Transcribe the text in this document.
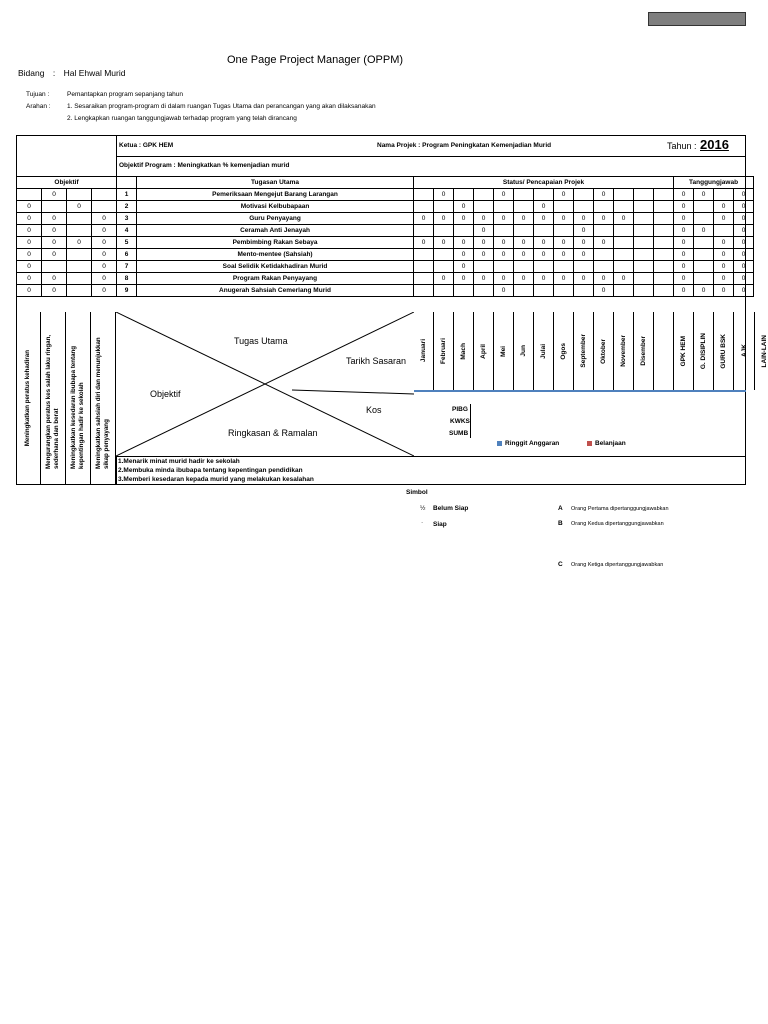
One Page Project Manager (OPPM)
Bidang : Hal Ehwal Murid
Tujuan :	Pemantapkan program sepanjang tahun
Arahan :	1. Sesaraikan program-program di dalam ruangan Tugas Utama dan perancangan yang akan dilaksanakan
2. Lengkapkan ruangan tanggungjawab terhadap program yang telah dirancang
Ketua : GPK HEM	Nama Projek : Program Peningkatan Kemenjadian Murid	Tahun : 2016
Objektif Program : Meningkatkan % kemenjadian murid
Objektif					Tugasan Utama	Status/ Pencapaian Projek													Tanggungjawab			
	0			1	Pemeriksaan Mengejut Barang Larangan		0			0			0		0				0	0		0
0		0		2	Motivasi Kelbubapaan			0				0							0		0	0
0	0		0	3	Guru Penyayang	0	0	0	0	0	0	0	0	0	0	0			0		0	0
0	0		0	4	Ceramah Anti Jenayah				0					0					0	0		0
0	0	0	0	5	Pembimbing Rakan Sebaya	0	0	0	0	0	0	0	0	0	0				0		0	0
0	0		0	6	Mento-mentee (Sahsiah)			0	0	0	0	0	0	0					0		0	0
0			0	7	Soal Selidik Ketidakhadiran Murid			0											0		0	0
0	0		0	8	Program Rakan Penyayang		0	0	0	0	0	0	0	0	0	0			0		0	0
0	0		0	9	Anugerah Sahsiah Cemerlang Murid					0					0				0	0	0	0
Meningkatkan peratus kehadiran Mengurangkan peratus kes salah laku ringan, sederhana dan berat Meningkatkan kesedaran ibubapa tentang kepentingan hadir ke sekolah Meningkatkan sahsiah diri dan menunjukkan sikap penyayang
Tugas Utama
Tarikh Sasaran
Objektif
Kos
Ringkasan & Ramalan
Januari Februari Mach April Mei Jun Julai Ogos September Oktober November Disember	GPK HEM G. DISIPLIN GURU BSK AJK LAIN-LAIN
PIBG
KWKS
SUMB
Ringgit Anggaran	Belanjaan
1.Menarik minat murid hadir ke sekolah
2.Membuka minda ibubapa tentang kepentingan pendidikan
3.Memberi kesedaran kepada murid yang melakukan kesalahan
Simbol
½ Belum Siap
· Siap
A Orang Pertama dipertanggungjawabkan
B Orang Kedua dipertanggungjawabkan
C Orang Ketiga dipertanggungjawabkan
